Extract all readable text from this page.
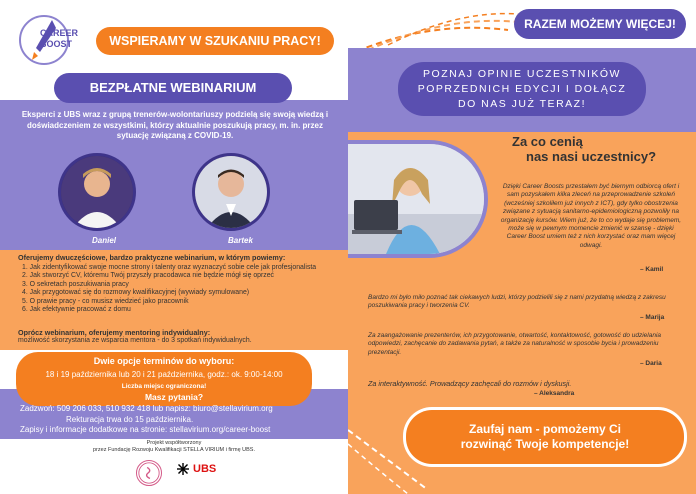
CAREER
BOOST	WSPIERAMY W SZUKANIU PRACY!
BEZPŁATNE WEBINARIUM
Eksperci z UBS wraz z grupą trenerów-wolontariuszy podzielą się swoją wiedzą i doświadczeniem ze wszystkimi, którzy aktualnie poszukują pracy, m. in. przez sytuację związaną z COVID-19.
Daniel	Bartek
Oferujemy dwuczęściowe, bardzo praktyczne webinarium, w którym powiemy:
1. Jak zidentyfikować swoje mocne strony i talenty oraz wyznaczyć sobie cele jak profesjonalista
2. Jak stworzyć CV, któremu Twój przyszły pracodawca nie będzie mógł się oprzeć
3. O sekretach poszukiwania pracy
4. Jak przygotować się do rozmowy kwalifikacyjnej (wywiady symulowane)
5. O prawie pracy - co musisz wiedzieć jako pracownik
6. Jak efektywnie pracować z domu
Oprócz webinarium, oferujemy mentoring indywidualny:
możliwość skorzystania ze wsparcia mentora - do 3 spotkań indywidualnych.
Dwie opcje terminów do wyboru:
18 i 19 października lub 20 i 21 października, godz.: ok. 9:00-14:00
Liczba miejsc ograniczona!
Masz pytania?
Zadzwoń: 509 206 033, 510 932 418 lub napisz: biuro@stellavirium.org
Rekturacja trwa do 15 października.
Zapisy i informacje dodatkowe na stronie: stellavirium.org/career-boost
Projekt współtworzony
przez Fundację Rozwoju Kwalifikacji STELLA VIRIUM i firmę UBS.
UBS
RAZEM MOŻEMY WIĘCEJ!
POZNAJ OPINIE UCZESTNIKÓW
POPRZEDNICH EDYCJI I DOŁĄCZ
DO NAS JUŻ TERAZ!
Za co cenią
nas nasi uczestnicy?
Dzięki Career Boosts przestałem być biernym odbiorcą ofert i sam pozyskałem kilka zleceń na przeprowadzenie szkoleń (wcześniej szkoliłem już innych z ICT), gdy tylko obostrzenia związane z sytuacją sanitarno-epidemiologiczną pozwoliły na organizację kursów. Wiem już, że to co wydaje się problemem, może się w pewnym momencie zmienić w szansę - dzięki Career Boost umiem też z nich korzystać oraz mam więcej odwagi.
– Kamil
Bardzo mi było miło poznać tak ciekawych ludzi, którzy podzielili się z nami przydatną wiedzą z zakresu poszukiwania pracy i tworzenia CV.
– Marija
Za zaangażowanie prezenterów, ich przygotowanie, otwartość, kontaktowość, gotowość do udzielania odpowiedzi, zachęcanie do zadawania pytań, a także za naturalność w sposobie bycia i prowadzeniu prezentacji.
– Daria
Za interaktywność. Prowadzący zachęcali do rozmów i dyskusji.
– Aleksandra
Zaufaj nam - pomożemy Ci
rozwinąć Twoje kompetencje!
